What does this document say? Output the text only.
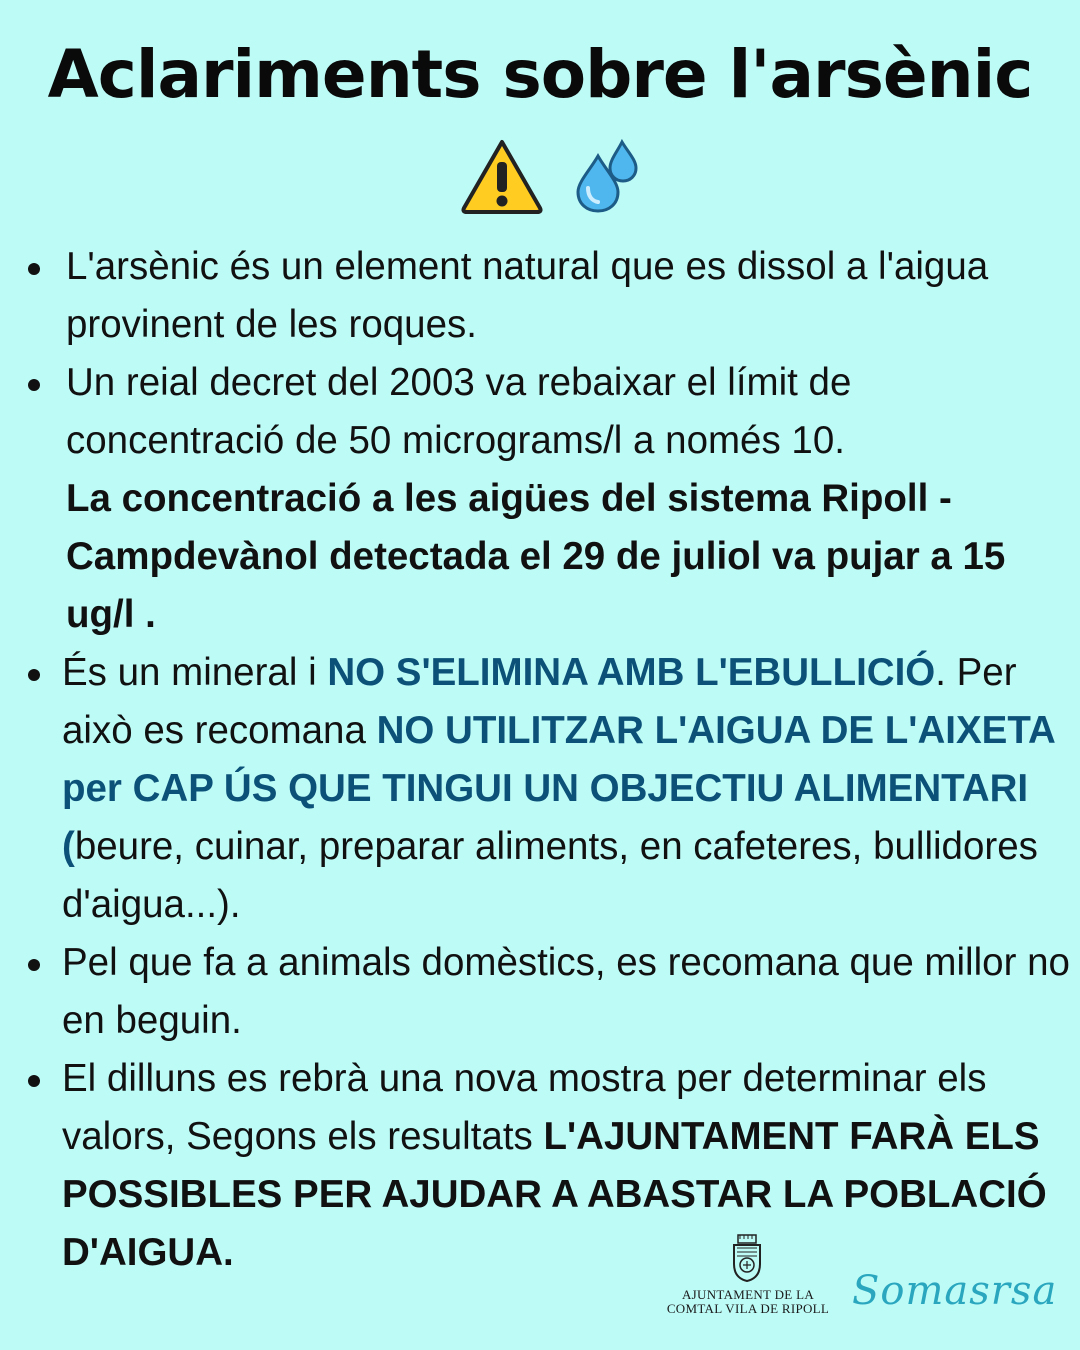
Aclariments sobre l'arsènic
L'arsènic és un element natural que es dissol a l'aigua provinent de les roques.
Un reial decret del 2003 va rebaixar el límit de concentració de 50 micrograms/l a només 10.
La concentració a les aigües del sistema Ripoll - Campdevànol detectada el 29 de juliol va pujar a 15 ug/l .
És un mineral i NO S'ELIMINA AMB L'EBULLICIÓ. Per això es recomana NO UTILITZAR L'AIGUA DE L'AIXETA per CAP ÚS QUE TINGUI UN OBJECTIU ALIMENTARI (beure, cuinar, preparar aliments, en cafeteres, bullidores d'aigua...).
Pel que fa a animals domèstics, es recomana que millor no en beguin.
El dilluns es rebrà una nova mostra per determinar els valors, Segons els resultats L'AJUNTAMENT FARÀ ELS POSSIBLES PER AJUDAR A ABASTAR LA POBLACIÓ D'AIGUA.
AJUNTAMENT DE LA
COMTAL VILA DE RIPOLL Somasrsa
